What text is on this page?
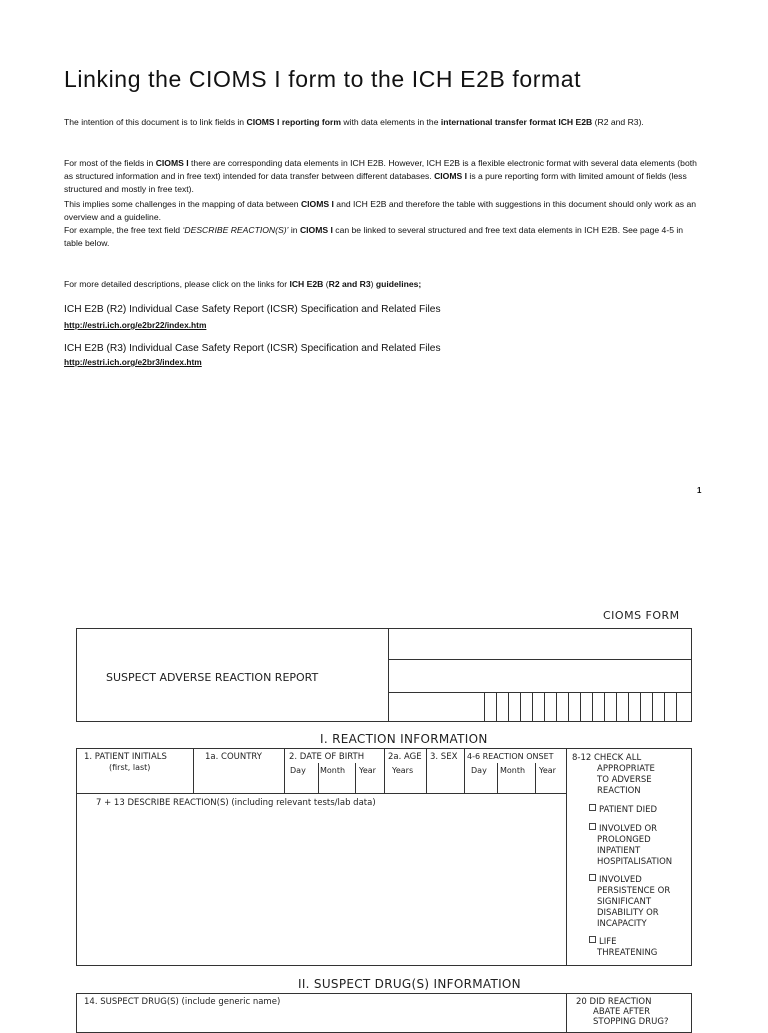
Linking the CIOMS I form to the ICH E2B format

The intention of this document is to link fields in CIOMS I reporting form with data elements in the international transfer format ICH E2B (R2 and R3).

For most of the fields in CIOMS I there are corresponding data elements in ICH E2B. However, ICH E2B is a flexible electronic format with several data elements (both as structured information and in free text) intended for data transfer between different databases. CIOMS I is a pure reporting form with limited amount of fields (less structured and mostly in free text).

This implies some challenges in the mapping of data between CIOMS I and ICH E2B and therefore the table with suggestions in this document should only work as an overview and a guideline.

For example, the free text field ‘DESCRIBE REACTION(S)’ in CIOMS I can be linked to several structured and free text data elements in ICH E2B. See page 4-5 in table below.

For more detailed descriptions, please click on the links for ICH E2B (R2 and R3) guidelines;

ICH E2B (R2) Individual Case Safety Report (ICSR) Specification and Related Files
http://estri.ich.org/e2br22/index.htm
ICH E2B (R3) Individual Case Safety Report (ICSR) Specification and Related Files
http://estri.ich.org/e2br3/index.htm
1
CIOMS FORM
SUSPECT ADVERSE REACTION REPORT
I. REACTION INFORMATION
1. PATIENT INITIALS
(first, last)
1a. COUNTRY	2. DATE OF BIRTH
Day Month Year
2a. AGE
Years
3. SEX 4-6 REACTION ONSET
Day Month Year
7 + 13 DESCRIBE REACTION(S) (including relevant tests/lab data)
8-12 CHECK ALL
APPROPRIATE
TO ADVERSE
REACTION
PATIENT DIED
INVOLVED OR
PROLONGED
INPATIENT
HOSPITALISATION
INVOLVED
PERSISTENCE OR
SIGNIFICANT
DISABILITY OR
INCAPACITY
LIFE
THREATENING
II. SUSPECT DRUG(S) INFORMATION
14. SUSPECT DRUG(S) (include generic name)	20 DID REACTION
ABATE AFTER
STOPPING DRUG?
